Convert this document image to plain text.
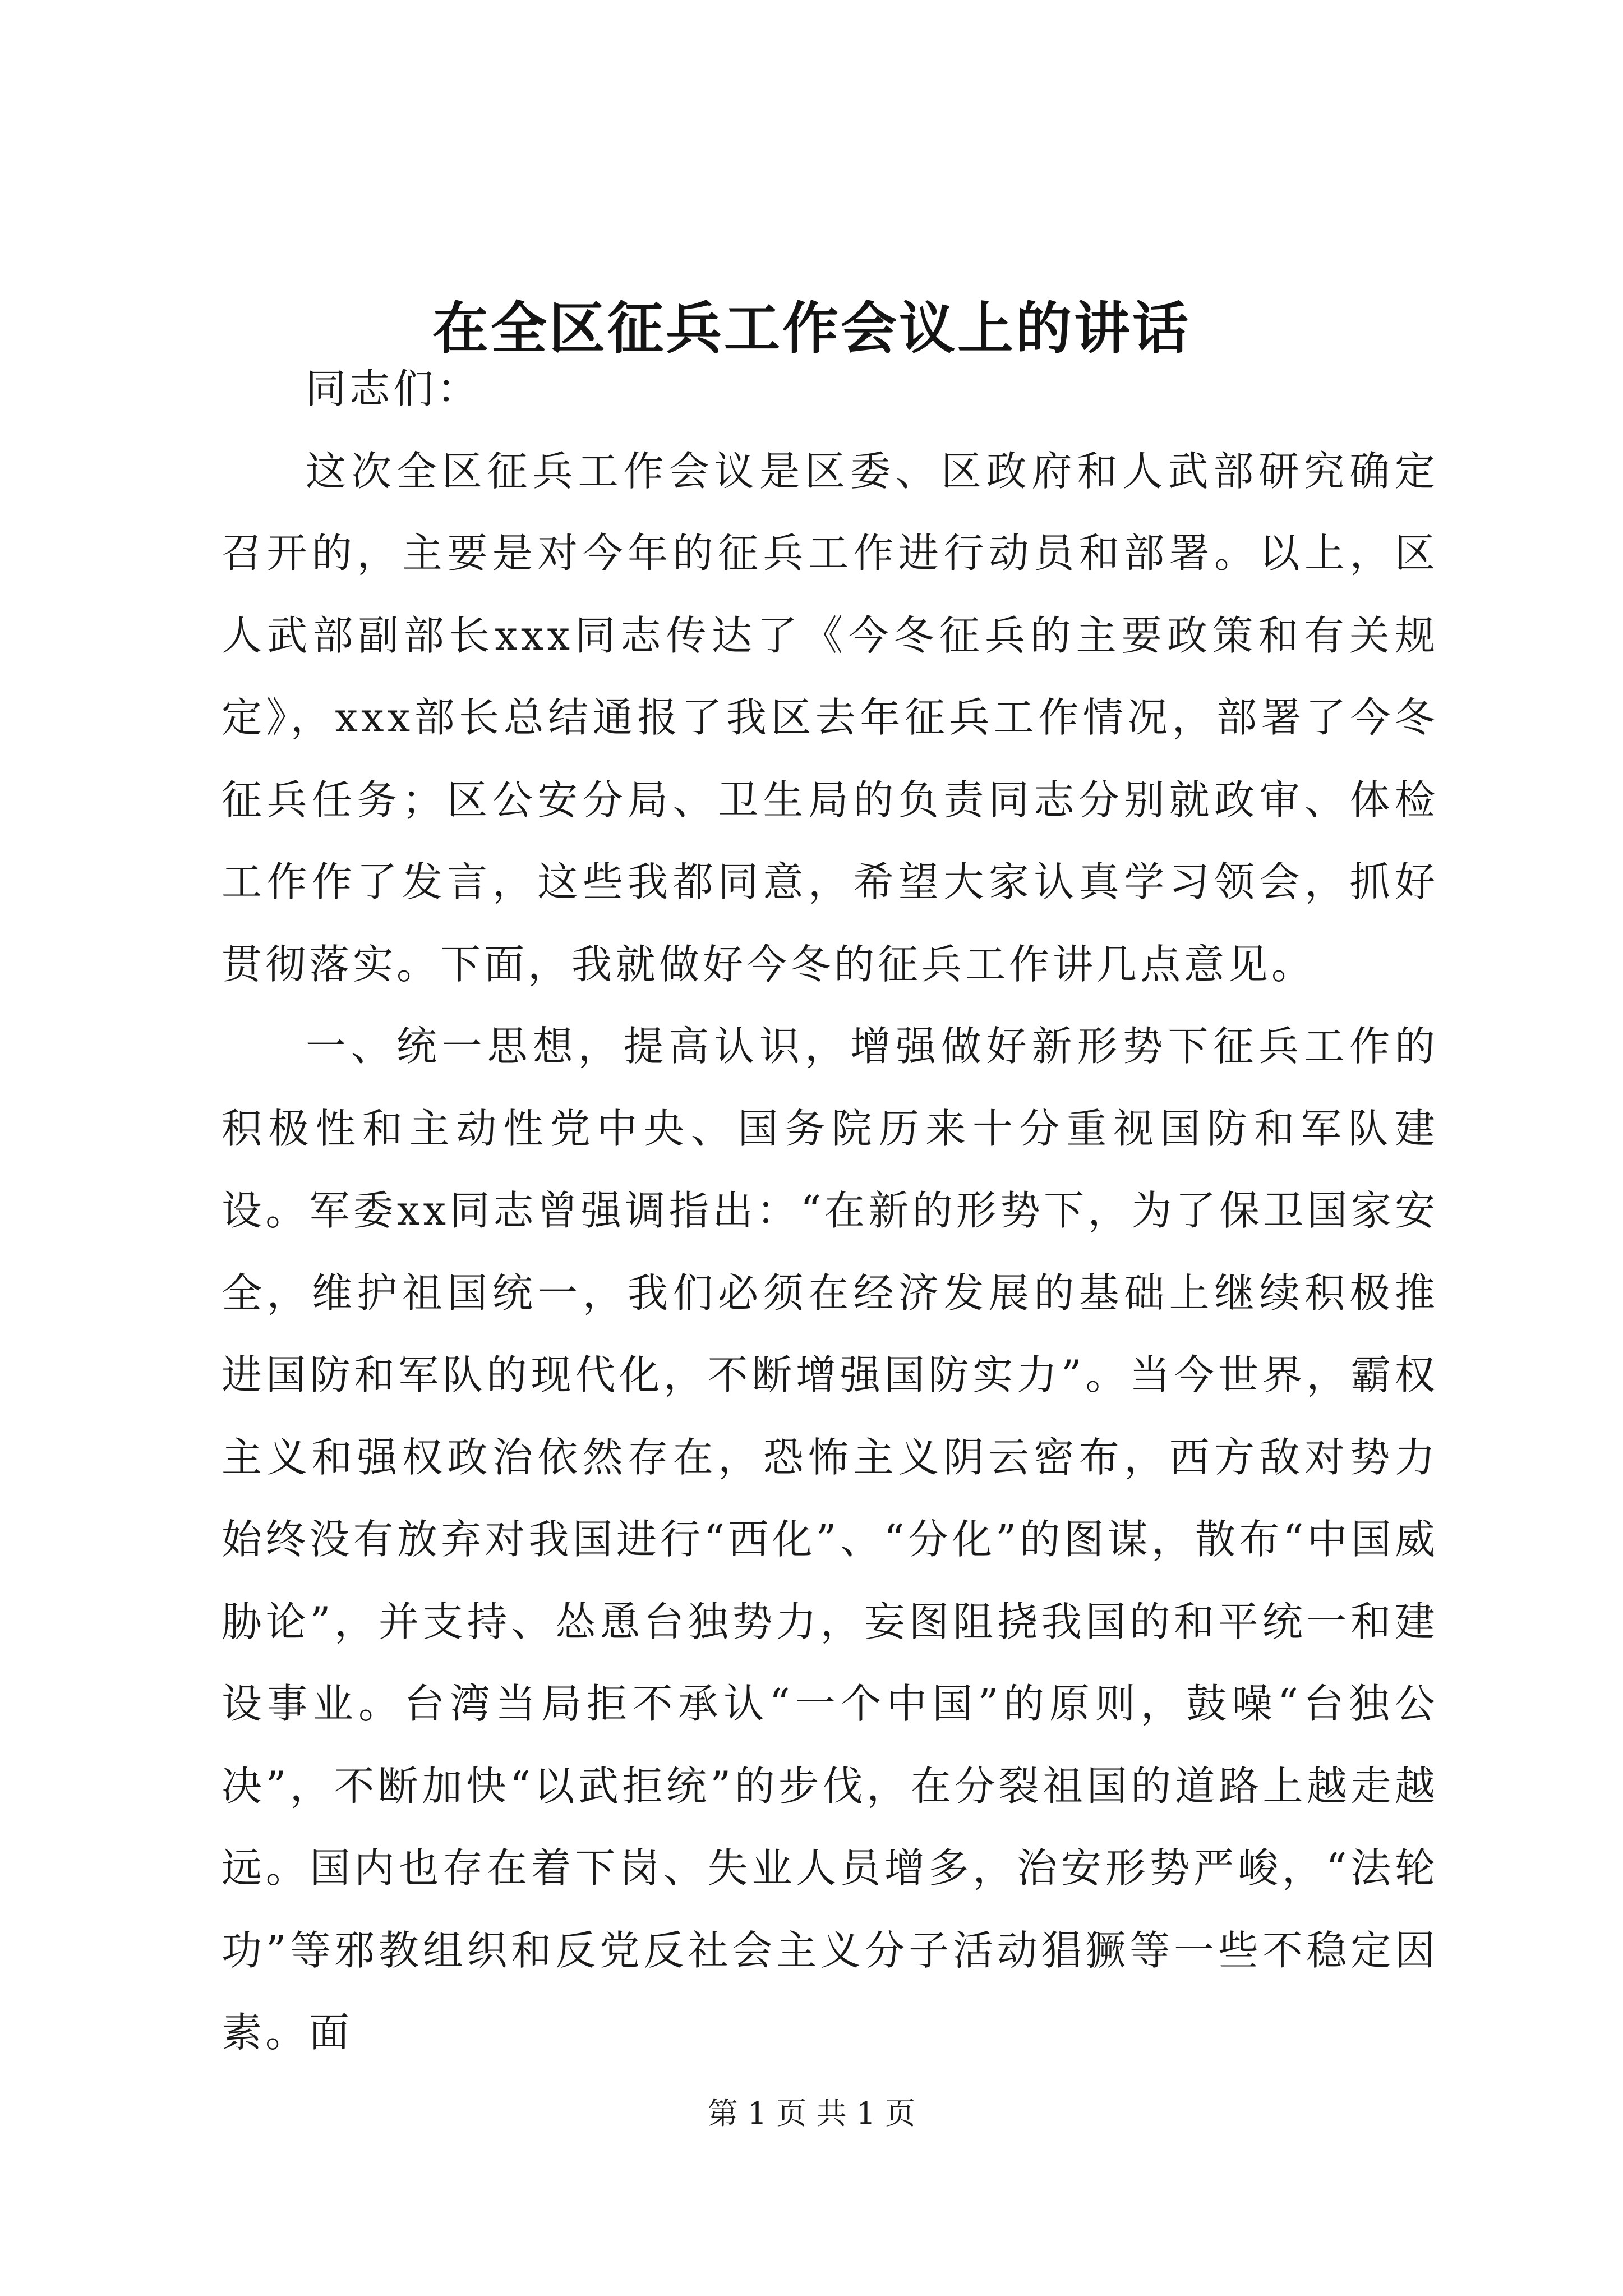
在全区征兵工作会议上的讲话

同志们：

这次全区征兵工作会议是区委、区政府和人武部研究确定召开的，主要是对今年的征兵工作进行动员和部署。以上，区人武部副部长xxx同志传达了《今冬征兵的主要政策和有关规定》，xxx部长总结通报了我区去年征兵工作情况，部署了今冬征兵任务；区公安分局、卫生局的负责同志分别就政审、体检工作作了发言，这些我都同意，希望大家认真学习领会，抓好贯彻落实。下面，我就做好今冬的征兵工作讲几点意见。

一、统一思想，提高认识，增强做好新形势下征兵工作的积极性和主动性党中央、国务院历来十分重视国防和军队建设。军委xx同志曾强调指出：“在新的形势下，为了保卫国家安全，维护祖国统一，我们必须在经济发展的基础上继续积极推进国防和军队的现代化，不断增强国防实力”。当今世界，霸权主义和强权政治依然存在，恐怖主义阴云密布，西方敌对势力始终没有放弃对我国进行“西化”、“分化”的图谋，散布“中国威胁论”，并支持、怂恿台独势力，妄图阻挠我国的和平统一和建设事业。台湾当局拒不承认“一个中国”的原则，鼓噪“台独公决”，不断加快“以武拒统”的步伐，在分裂祖国的道路上越走越远。国内也存在着下岗、失业人员增多，治安形势严峻，“法轮功”等邪教组织和反党反社会主义分子活动猖獗等一些不稳定因素。面

第 1 页 共 1 页
